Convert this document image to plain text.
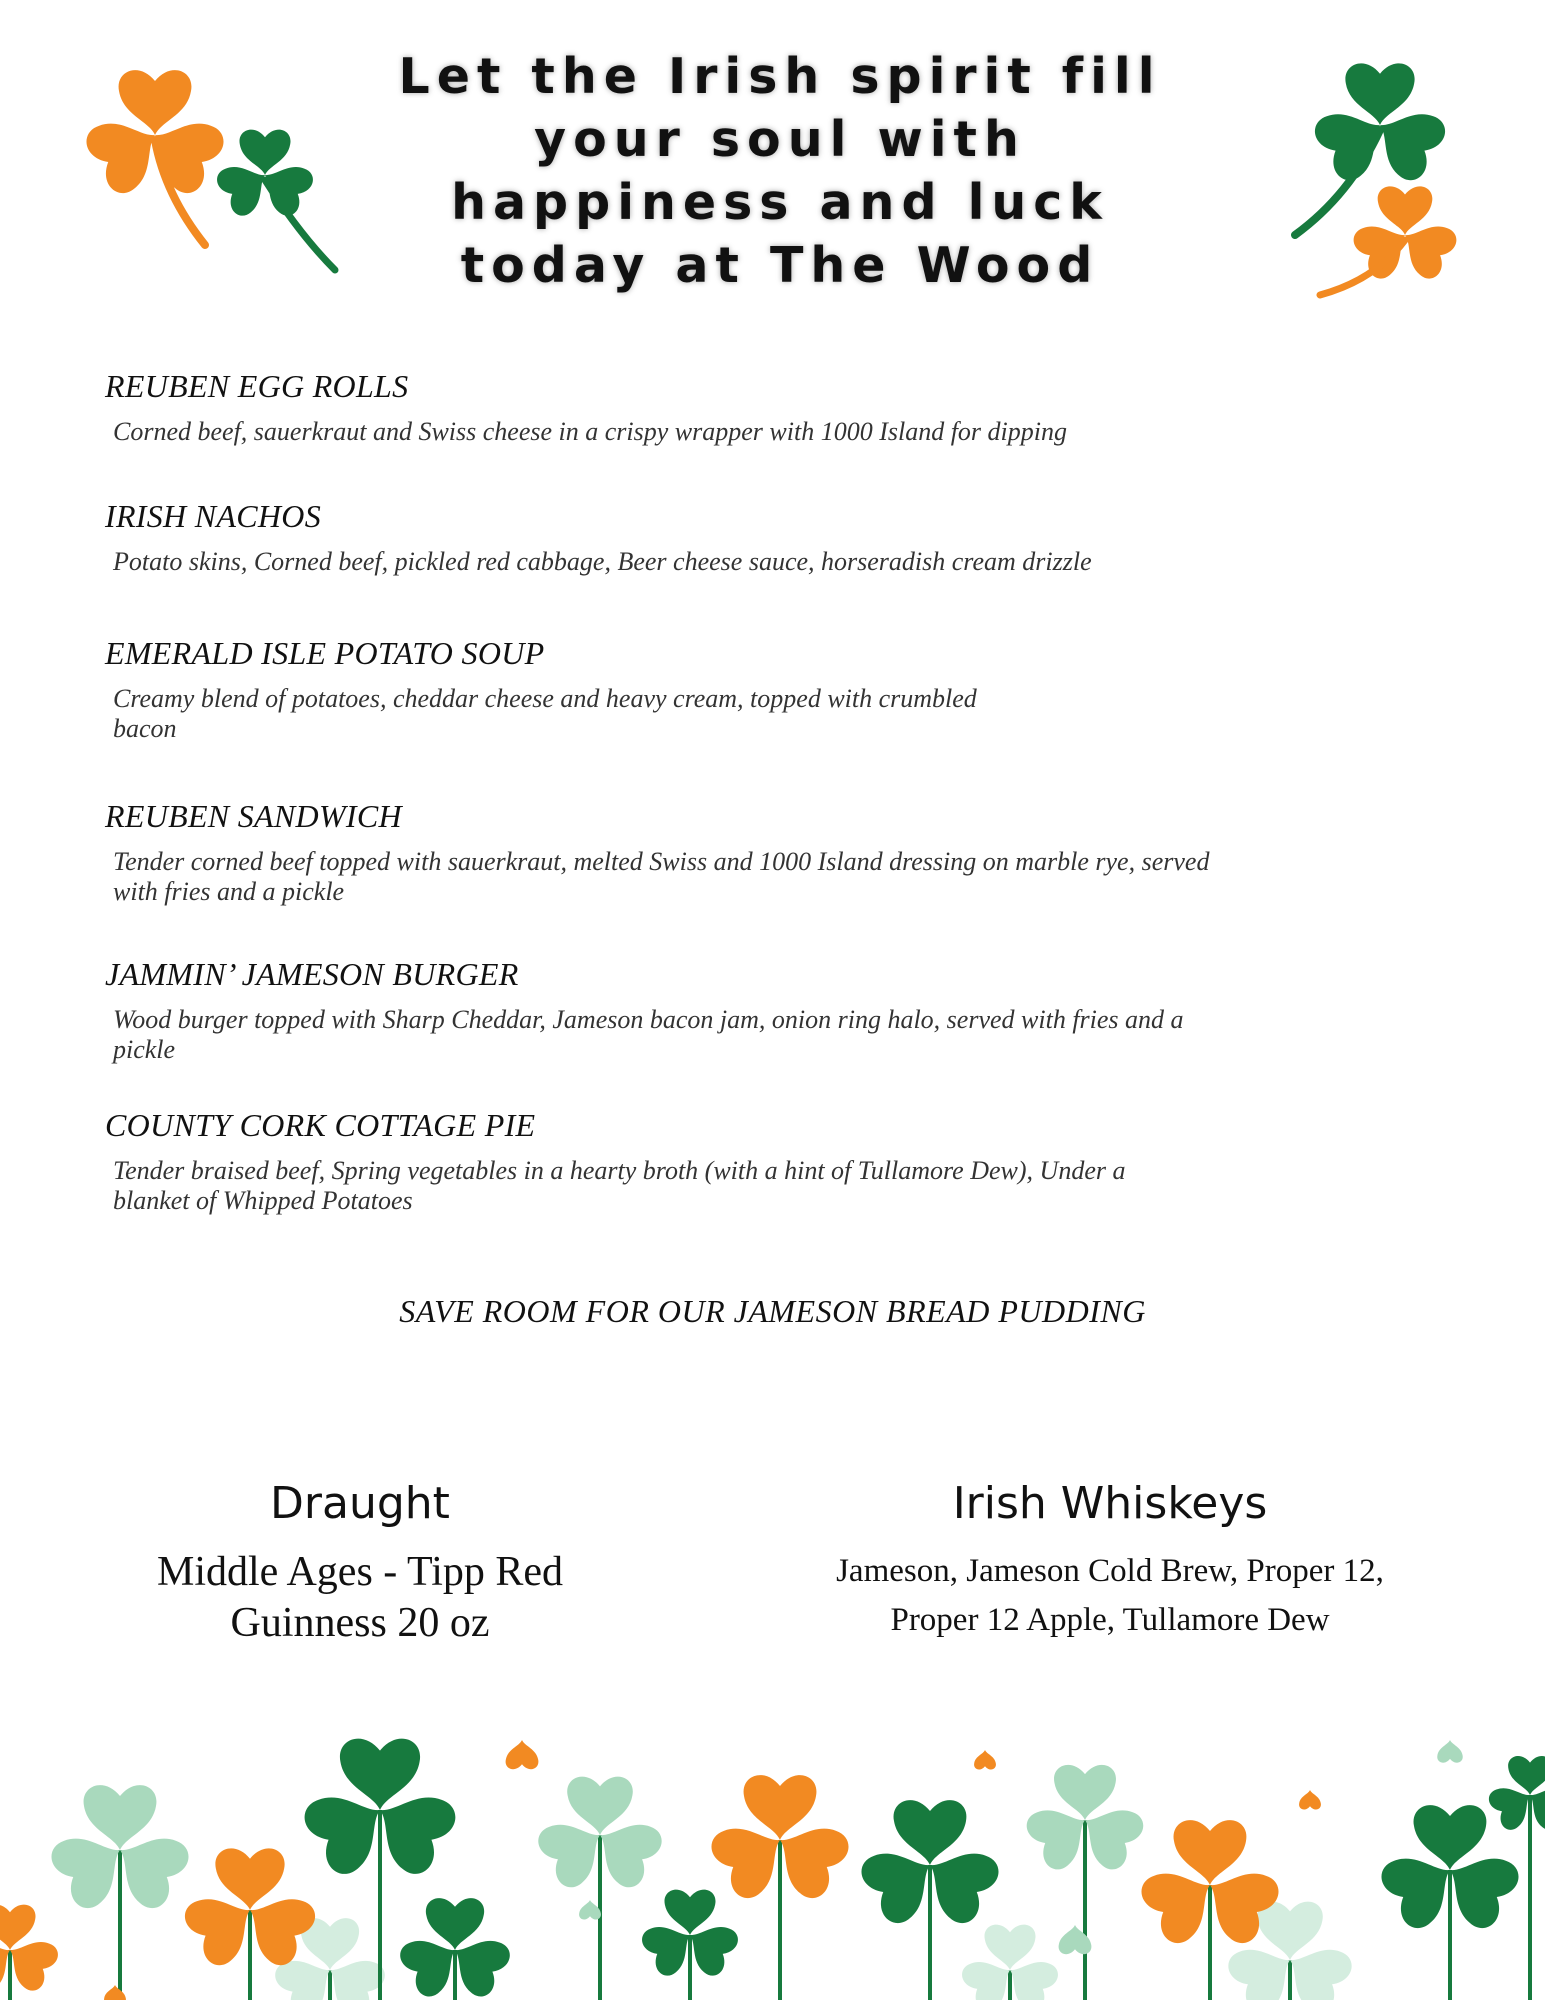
Let the Irish spirit fill
your soul with
happiness and luck
today at The Wood
REUBEN EGG ROLLS
Corned beef, sauerkraut and Swiss cheese in a crispy wrapper with 1000 Island for dipping
IRISH NACHOS
Potato skins, Corned beef, pickled red cabbage, Beer cheese sauce, horseradish cream drizzle
EMERALD ISLE POTATO SOUP
Creamy blend of potatoes, cheddar cheese and heavy cream, topped with crumbled
bacon
REUBEN SANDWICH
Tender corned beef topped with sauerkraut, melted Swiss and 1000 Island dressing on marble rye, served
with fries and a pickle
JAMMIN’ JAMESON BURGER
Wood burger topped with Sharp Cheddar, Jameson bacon jam, onion ring halo, served with fries and a
pickle
COUNTY CORK COTTAGE PIE
Tender braised beef, Spring vegetables in a hearty broth (with a hint of Tullamore Dew), Under a
blanket of Whipped Potatoes
SAVE ROOM FOR OUR JAMESON BREAD PUDDING
Draught
Middle Ages - Tipp Red
Guinness 20 oz
Irish Whiskeys
Jameson, Jameson Cold Brew, Proper 12,
Proper 12 Apple, Tullamore Dew
